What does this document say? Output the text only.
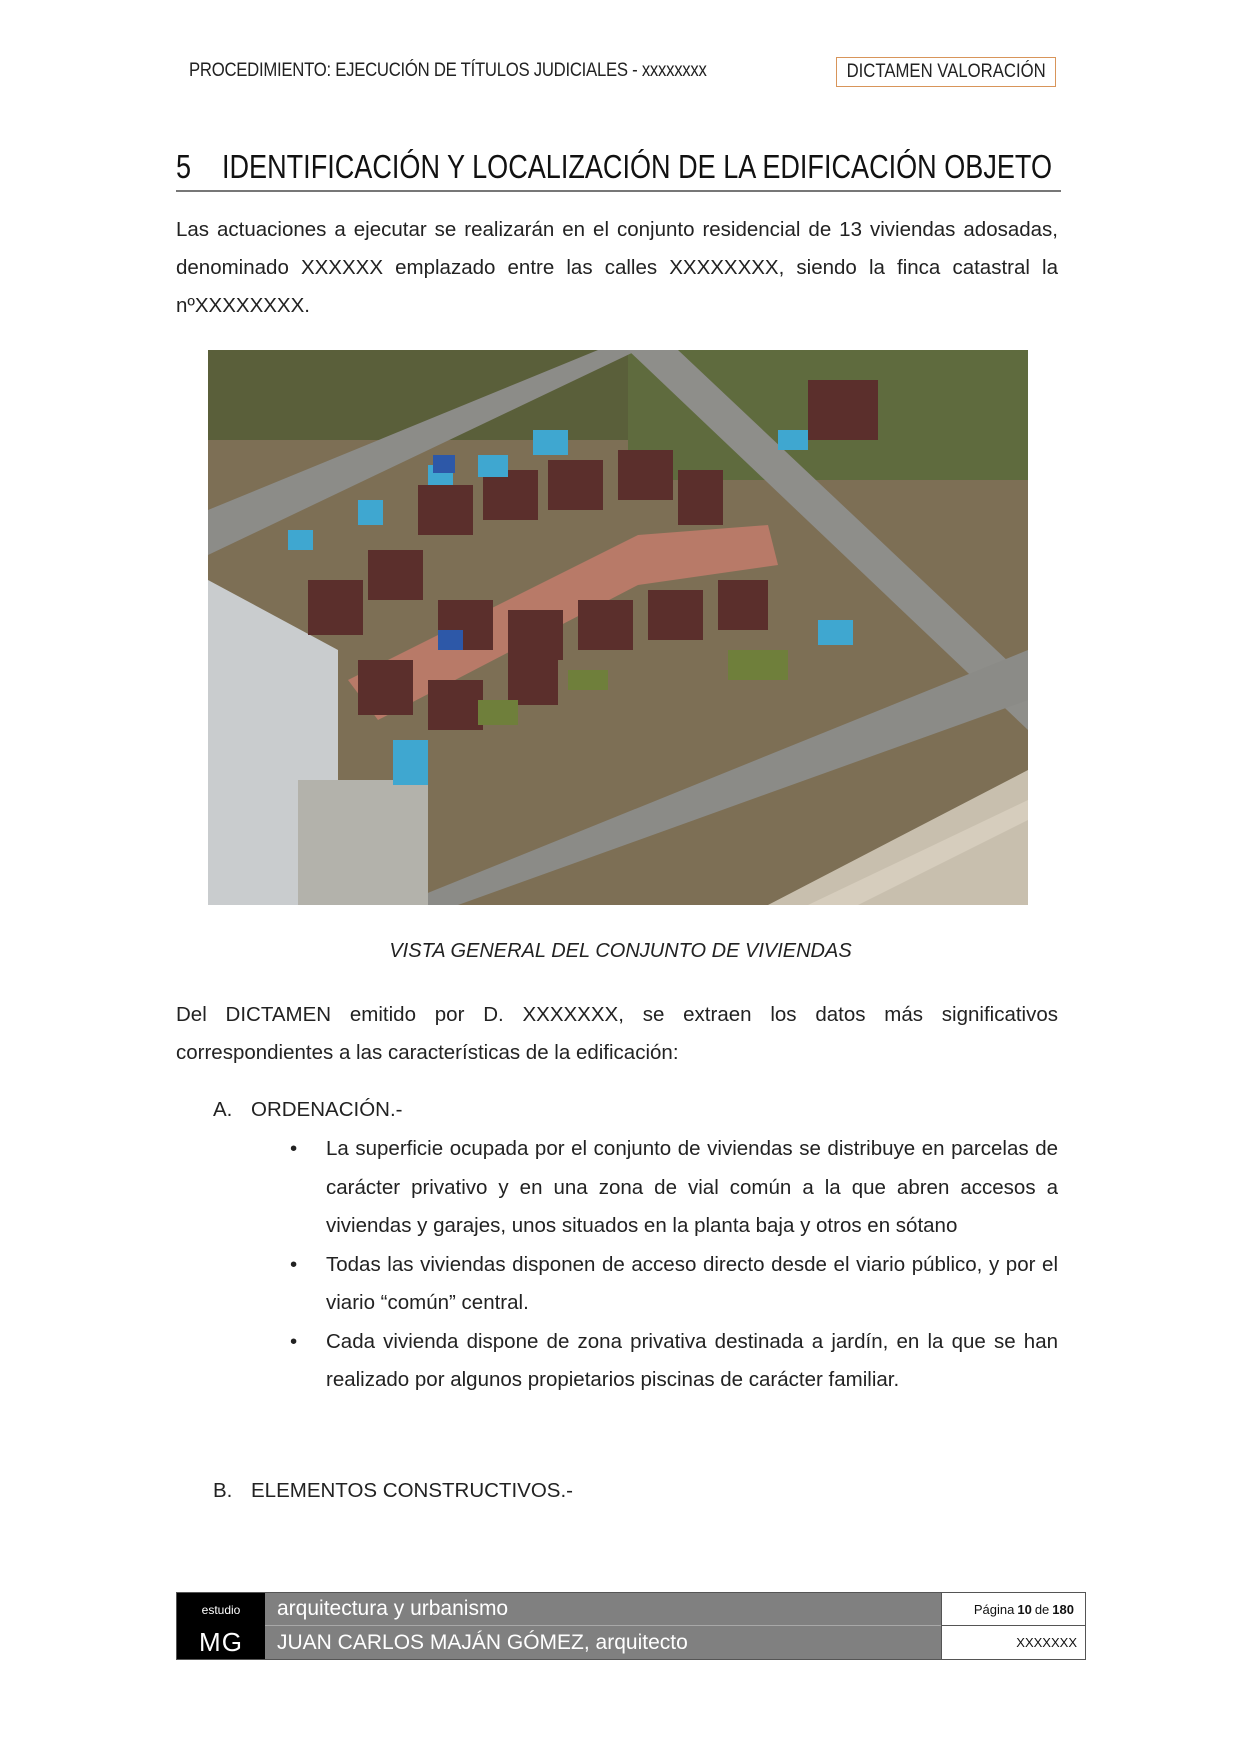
PROCEDIMIENTO: EJECUCIÓN DE TÍTULOS JUDICIALES - xxxxxxxx	DICTAMEN VALORACIÓN
5 IDENTIFICACIÓN Y LOCALIZACIÓN DE LA EDIFICACIÓN OBJETO
Las actuaciones a ejecutar se realizarán en el conjunto residencial de 13 viviendas adosadas, denominado XXXXXX emplazado entre las calles XXXXXXXX, siendo la finca catastral la nºXXXXXXXX.
VISTA GENERAL DEL CONJUNTO DE VIVIENDAS
Del DICTAMEN emitido por D. XXXXXXX, se extraen los datos más significativos correspondientes a las características de la edificación:
A. ORDENACIÓN.-
• La superficie ocupada por el conjunto de viviendas se distribuye en parcelas de carácter privativo y en una zona de vial común a la que abren accesos a viviendas y garajes, unos situados en la planta baja y otros en sótano
• Todas las viviendas disponen de acceso directo desde el viario público, y por el viario “común” central.
• Cada vivienda dispone de zona privativa destinada a jardín, en la que se han realizado por algunos propietarios piscinas de carácter familiar.
B. ELEMENTOS CONSTRUCTIVOS.-
estudio	arquitectura y urbanismo	Página 10 de 180
MG	JUAN CARLOS MAJÁN GÓMEZ, arquitecto	XXXXXXX
